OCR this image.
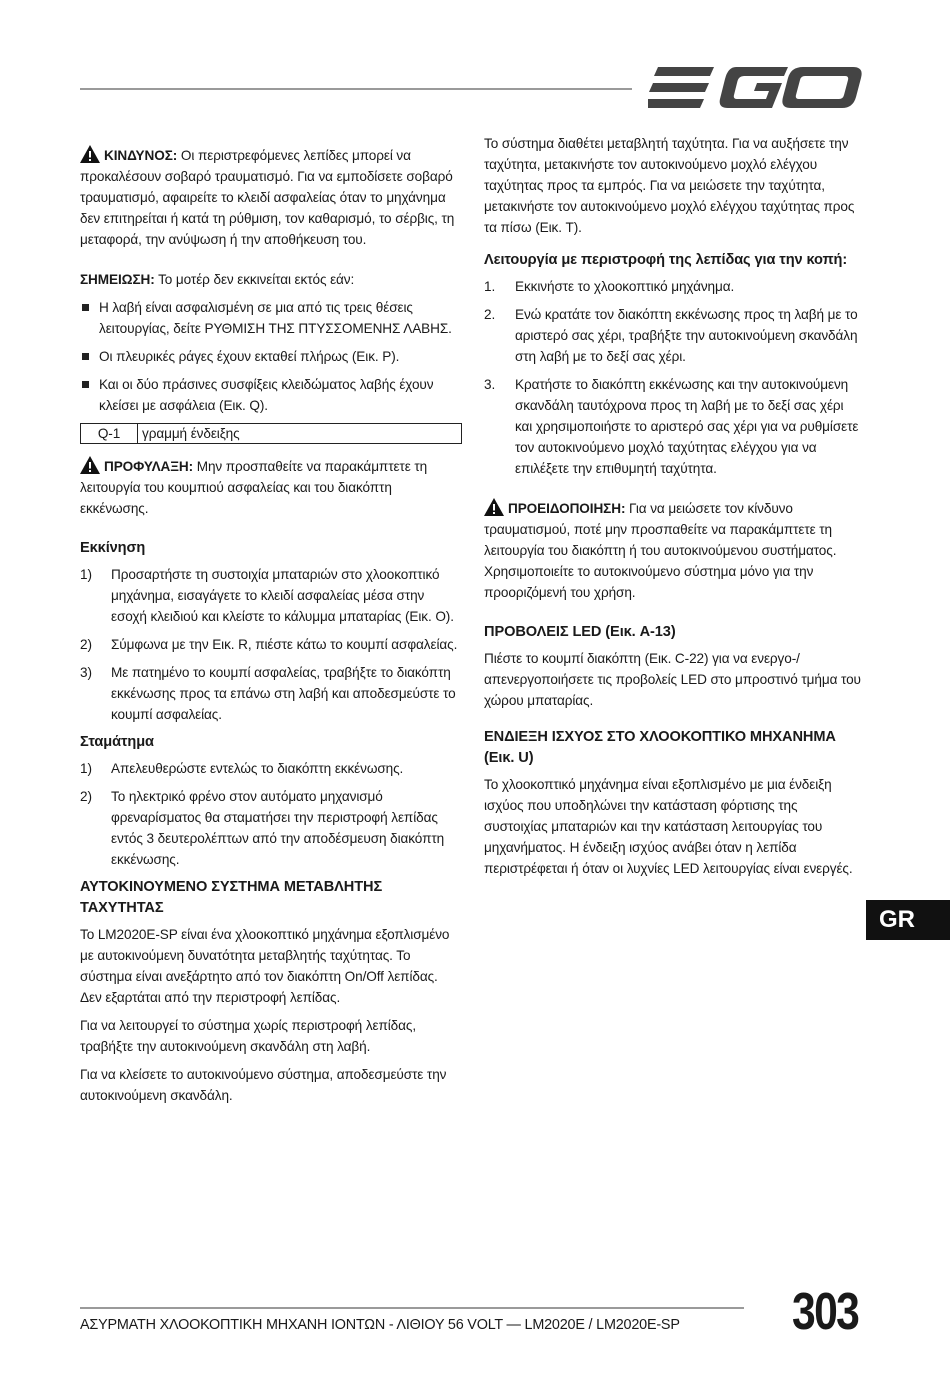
ΚΙΝΔΥΝΟΣ: Οι περιστρεφόμενες λεπίδες μπορεί να προκαλέσουν σοβαρό τραυματισμό. Για να εμποδίσετε σοβαρό τραυματισμό, αφαιρείτε το κλειδί ασφαλείας όταν το μηχάνημα δεν επιτηρείται ή κατά τη ρύθμιση, τον καθαρισμό, το σέρβις, τη μεταφορά, την ανύψωση ή την αποθήκευση του.

ΣΗΜΕΙΩΣΗ: Το μοτέρ δεν εκκινείται εκτός εάν:

Η λαβή είναι ασφαλισμένη σε μια από τις τρεις θέσεις λειτουργίας, δείτε ΡΥΘΜΙΣΗ ΤΗΣ ΠΤΥΣΣΟΜΕΝΗΣ ΛΑΒΗΣ.
Οι πλευρικές ράγες έχουν εκταθεί πλήρως (Εικ. P).
Και οι δύο πράσινες συσφίξεις κλειδώματος λαβής έχουν κλείσει με ασφάλεια (Εικ. Q).
Q-1	γραμμή ένδειξης

ΠΡΟΦΥΛΑΞΗ: Μην προσπαθείτε να παρακάμπτετε τη λειτουργία του κουμπιού ασφαλείας και του διακόπτη εκκένωσης.

Εκκίνηση

1) Προσαρτήστε τη συστοιχία μπαταριών στο χλοοκοπτικό μηχάνημα, εισαγάγετε το κλειδί ασφαλείας μέσα στην εσοχή κλειδιού και κλείστε το κάλυμμα μπαταρίας (Εικ. O).
2) Σύμφωνα με την Εικ. R, πιέστε κάτω το κουμπί ασφαλείας.
3) Με πατημένο το κουμπί ασφαλείας, τραβήξτε το διακόπτη εκκένωσης προς τα επάνω στη λαβή και αποδεσμεύστε το κουμπί ασφαλείας.

Σταμάτημα

1) Απελευθερώστε εντελώς το διακόπτη εκκένωσης.
2) Το ηλεκτρικό φρένο στον αυτόματο μηχανισμό φρεναρίσματος θα σταματήσει την περιστροφή λεπίδας εντός 3 δευτερολέπτων από την αποδέσμευση διακόπτη εκκένωσης.

ΑΥΤΟΚΙΝΟΥΜΕΝΟ ΣΥΣΤΗΜΑ ΜΕΤΑΒΛΗΤΗΣ ΤΑΧΥΤΗΤΑΣ

Το LM2020E-SP είναι ένα χλοοκοπτικό μηχάνημα εξοπλισμένο με αυτοκινούμενη δυνατότητα μεταβλητής ταχύτητας. Το σύστημα είναι ανεξάρτητο από τον διακόπτη On/Off λεπίδας. Δεν εξαρτάται από την περιστροφή λεπίδας.

Για να λειτουργεί το σύστημα χωρίς περιστροφή λεπίδας, τραβήξτε την αυτοκινούμενη σκανδάλη στη λαβή.

Για να κλείσετε το αυτοκινούμενο σύστημα, αποδεσμεύστε την αυτοκινούμενη σκανδάλη.

Το σύστημα διαθέτει μεταβλητή ταχύτητα. Για να αυξήσετε την ταχύτητα, μετακινήστε τον αυτοκινούμενο μοχλό ελέγχου ταχύτητας προς τα εμπρός. Για να μειώσετε την ταχύτητα, μετακινήστε τον αυτοκινούμενο μοχλό ελέγχου ταχύτητας προς τα πίσω (Εικ. T).

Λειτουργία με περιστροφή της λεπίδας για την κοπή:

1. Εκκινήστε το χλοοκοπτικό μηχάνημα.
2. Ενώ κρατάτε τον διακόπτη εκκένωσης προς τη λαβή με το αριστερό σας χέρι, τραβήξτε την αυτοκινούμενη σκανδάλη στη λαβή με το δεξί σας χέρι.
3. Κρατήστε το διακόπτη εκκένωσης και την αυτοκινούμενη σκανδάλη ταυτόχρονα προς τη λαβή με το δεξί σας χέρι και χρησιμοποιήστε το αριστερό σας χέρι για να ρυθμίσετε τον αυτοκινούμενο μοχλό ταχύτητας ελέγχου για να επιλέξετε την επιθυμητή ταχύτητα.

ΠΡΟΕΙΔΟΠΟΙΗΣΗ: Για να μειώσετε τον κίνδυνο τραυματισμού, ποτέ μην προσπαθείτε να παρακάμπτετε τη λειτουργία του διακόπτη ή του αυτοκινούμενου συστήματος. Χρησιμοποιείτε το αυτοκινούμενο σύστημα μόνο για την προοριζόμενή του χρήση.

ΠΡΟΒΟΛΕΙΣ LED (Εικ. A-13)

Πιέστε το κουμπί διακόπτη (Εικ. C-22) για να ενεργο-/απενεργοποιήσετε τις προβολείς LED στο μπροστινό τμήμα του χώρου μπαταρίας.

ΕΝΔΙΕΞΗ ΙΣΧΥΟΣ ΣΤΟ ΧΛΟΟΚΟΠΤΙΚΟ ΜΗΧΑΝΗΜΑ (Εικ. U)

Το χλοοκοπτικό μηχάνημα είναι εξοπλισμένο με μια ένδειξη ισχύος που υποδηλώνει την κατάσταση φόρτισης της συστοιχίας μπαταριών και την κατάσταση λειτουργίας του μηχανήματος. Η ένδειξη ισχύος ανάβει όταν η λεπίδα περιστρέφεται ή όταν οι λυχνίες LED λειτουργίας είναι ενεργές.

GR
ΑΣΥΡΜΑΤΗ ΧΛΟΟΚΟΠΤΙΚΗ ΜΗΧΑΝΗ ΙΟΝΤΩΝ - ΛΙΘΙΟΥ 56 VOLT — LM2020E / LM2020E-SP 303
